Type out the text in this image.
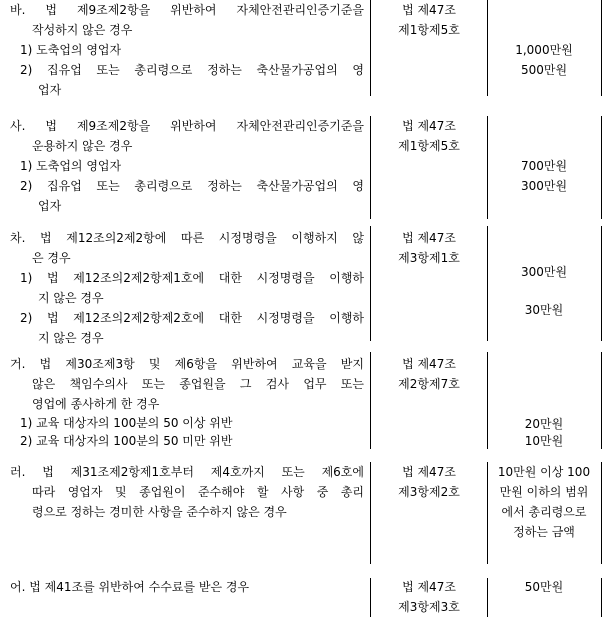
바. 법 제9조제2항을 위반하여 자체안전관리인증기준을
작성하지 않은 경우
1) 도축업의 영업자
2) 집유업 또는 총리령으로 정하는 축산물가공업의 영
업자
법 제47조
제1항제5호
1,000만원
500만원
사. 법 제9조제2항을 위반하여 자체안전관리인증기준을
운용하지 않은 경우
1) 도축업의 영업자
2) 집유업 또는 총리령으로 정하는 축산물가공업의 영
업자
법 제47조
제1항제5호
700만원
300만원
차. 법 제12조의2제2항에 따른 시정명령을 이행하지 않
은 경우
1) 법 제12조의2제2항제1호에 대한 시정명령을 이행하
지 않은 경우
2) 법 제12조의2제2항제2호에 대한 시정명령을 이행하
지 않은 경우
법 제47조
제3항제1호
300만원
30만원
거. 법 제30조제3항 및 제6항을 위반하여 교육을 받지
않은 책임수의사 또는 종업원을 그 검사 업무 또는
영업에 종사하게 한 경우
1) 교육 대상자의 100분의 50 이상 위반
2) 교육 대상자의 100분의 50 미만 위반
법 제47조
제2항제7호
20만원
10만원
러. 법 제31조제2항제1호부터 제4호까지 또는 제6호에
따라 영업자 및 종업원이 준수해야 할 사항 중 총리
령으로 정하는 경미한 사항을 준수하지 않은 경우
법 제47조
제3항제2호
10만원 이상 100
만원 이하의 범위
에서 총리령으로
정하는 금액
어. 법 제41조를 위반하여 수수료를 받은 경우	법 제47조
제3항제3호
50만원
